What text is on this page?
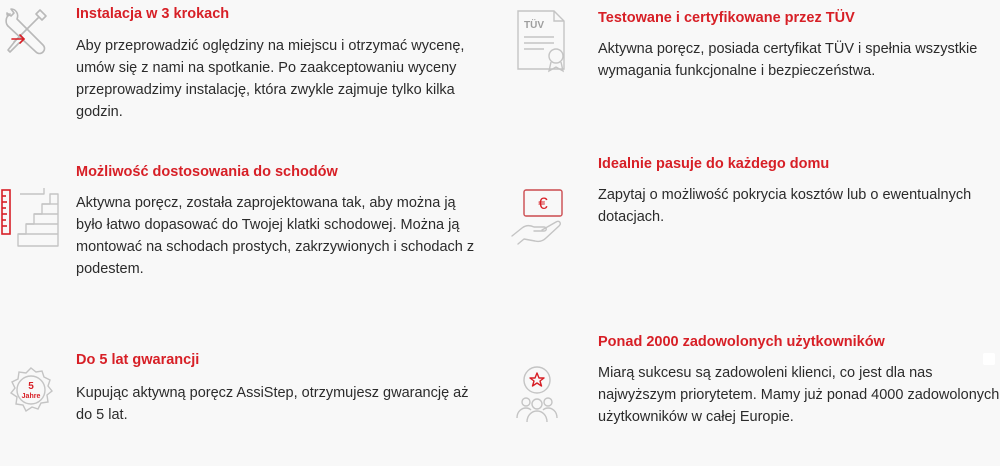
Instalacja w 3 krokach

Aby przeprowadzić oględziny na miejscu i otrzymać wycenę, umów się z nami na spotkanie. Po zaakceptowaniu wyceny przeprowadzimy instalację, która zwykle zajmuje tylko kilka godzin.

TÜV	Testowane i certyfikowane przez TÜV

Aktywna poręcz, posiada certyfikat TÜV i spełnia wszystkie wymagania funkcjonalne i bezpieczeństwa.

Możliwość dostosowania do schodów

Aktywna poręcz, została zaprojektowana tak, aby można ją było łatwo dopasować do Twojej klatki schodowej. Można ją montować na schodach prostych, zakrzywionych i schodach z podestem.

€
Idealnie pasuje do każdego domu

Zapytaj o możliwość pokrycia kosztów lub o ewentualnych dotacjach.

5
Jahre
Do 5 lat gwarancji

Kupując aktywną poręcz AssiStep, otrzymujesz gwarancję aż do 5 lat.

Ponad 2000 zadowolonych użytkowników

Miarą sukcesu są zadowoleni klienci, co jest dla nas najwyższym priorytetem. Mamy już ponad 4000 zadowolonych użytkowników w całej Europie.
